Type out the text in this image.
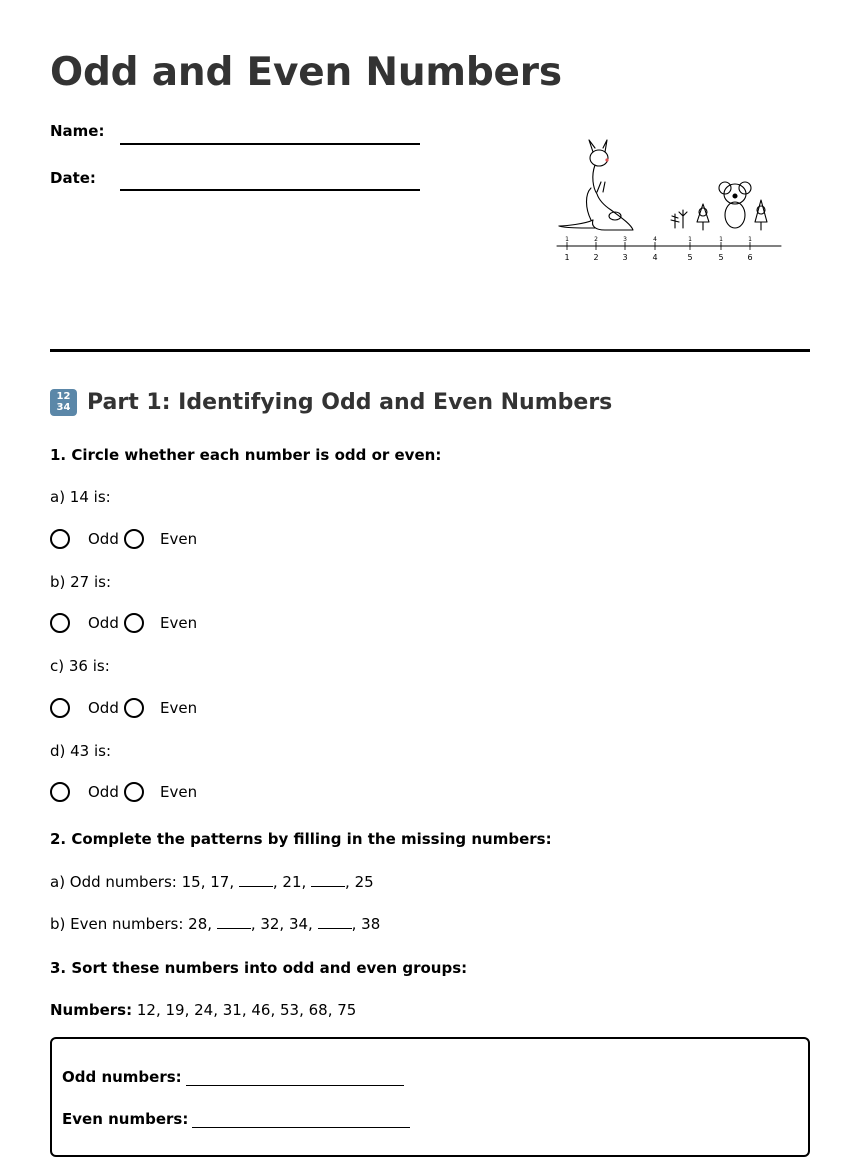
Odd and Even Numbers
Name:
Date:
1
1
2
2
3
3
4
4
1
5
1
5
1
6
12
34 Part 1: Identifying Odd and Even Numbers
1. Circle whether each number is odd or even:
a) 14 is:
Odd	Even
b) 27 is:
Odd	Even
c) 36 is:
Odd	Even
d) 43 is:
Odd	Even
2. Complete the patterns by filling in the missing numbers:
a) Odd numbers: 15, 17, , 21, , 25
b) Even numbers: 28, , 32, 34, , 38
3. Sort these numbers into odd and even groups:
Numbers: 12, 19, 24, 31, 46, 53, 68, 75
Odd numbers:
Even numbers:
